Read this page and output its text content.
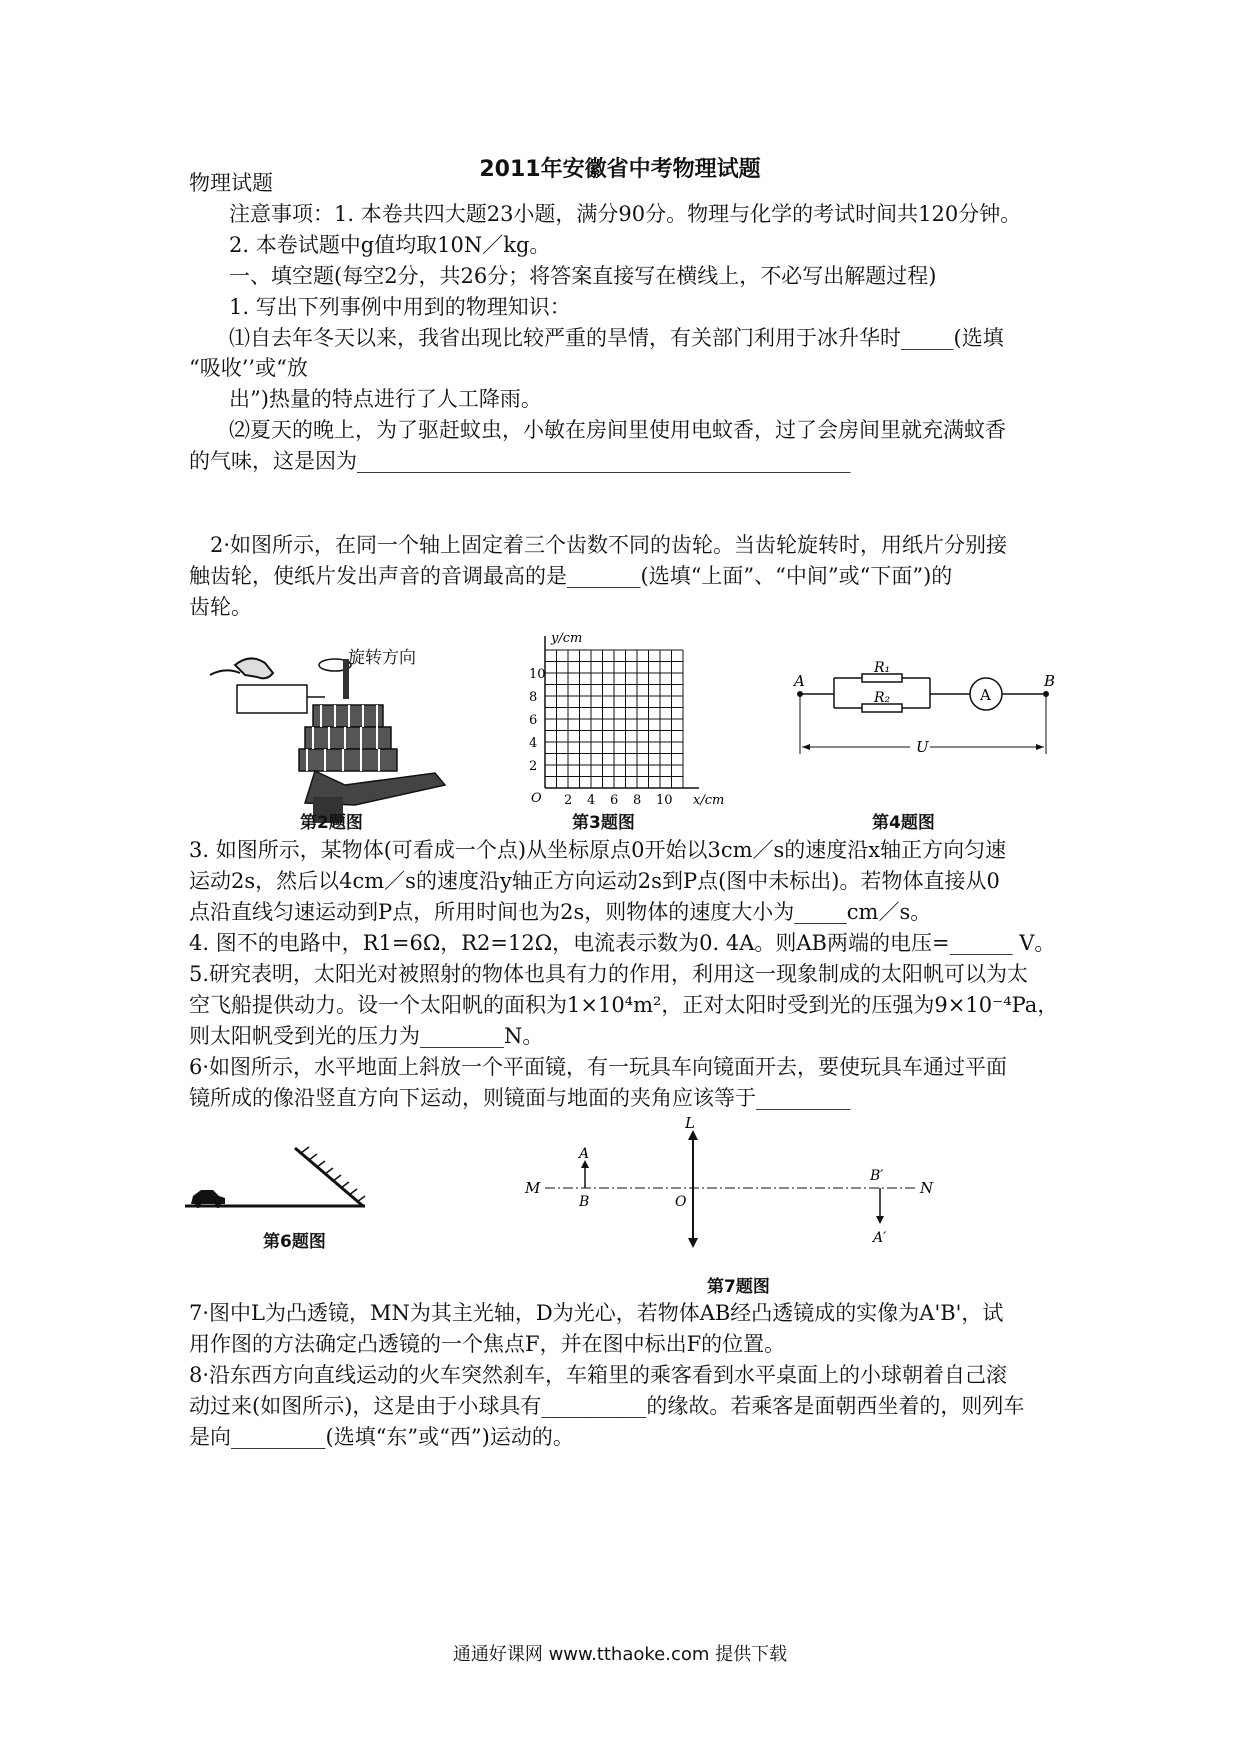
2011年安徽省中考物理试题
物理试题
注意事项：1. 本卷共四大题23小题，满分90分。物理与化学的考试时间共120分钟。
2. 本卷试题中g值均取10N／kg。
一、填空题(每空2分，共26分；将答案直接写在横线上，不必写出解题过程)
1. 写出下列事例中用到的物理知识：
⑴自去年冬天以来，我省出现比较严重的旱情，有关部门利用于冰升华时_____(选填
“吸收’’或“放
出”)热量的特点进行了人工降雨。
⑵夏天的晚上，为了驱赶蚊虫，小敏在房间里使用电蚊香，过了会房间里就充满蚊香
的气味，这是因为_______________________________________________
2·如图所示，在同一个轴上固定着三个齿数不同的齿轮。当齿轮旋转时，用纸片分别接
触齿轮，使纸片发出声音的音调最高的是_______(选填“上面”、“中间”或“下面”)的
齿轮。
旋转方向
第2题图
2
4
6
8
10
2 4 6 8 10
y/cm
x/cm
O
第3题图
A	B
R₁
R₂	A
U
第4题图
3. 如图所示，某物体(可看成一个点)从坐标原点0开始以3cm／s的速度沿x轴正方向匀速
运动2s，然后以4cm／s的速度沿y轴正方向运动2s到P点(图中未标出)。若物体直接从0
点沿直线匀速运动到P点，所用时间也为2s，则物体的速度大小为_____cm／s。
4. 图不的电路中，R1=6Ω，R2=12Ω，电流表示数为0. 4A。则AB两端的电压=______ V。
5.研究表明，太阳光对被照射的物体也具有力的作用，利用这一现象制成的太阳帆可以为太
空飞船提供动力。设一个太阳帆的面积为1×10⁴m²，正对太阳时受到光的压强为9×10⁻⁴Pa，
则太阳帆受到光的压力为________N。
6·如图所示，水平地面上斜放一个平面镜，有一玩具车向镜面开去，要使玩具车通过平面
镜所成的像沿竖直方向下运动，则镜面与地面的夹角应该等于_________
第6题图
L
M	N
A
B	O
B′
A′
第7题图
7·图中L为凸透镜，MN为其主光轴，D为光心，若物体AB经凸透镜成的实像为A'B'，试
用作图的方法确定凸透镜的一个焦点F，并在图中标出F的位置。
8·沿东西方向直线运动的火车突然刹车，车箱里的乘客看到水平桌面上的小球朝着自己滚
动过来(如图所示)，这是由于小球具有__________的缘故。若乘客是面朝西坐着的，则列车
是向_________(选填“东”或“西”)运动的。
通通好课网 www.tthaoke.com 提供下载
